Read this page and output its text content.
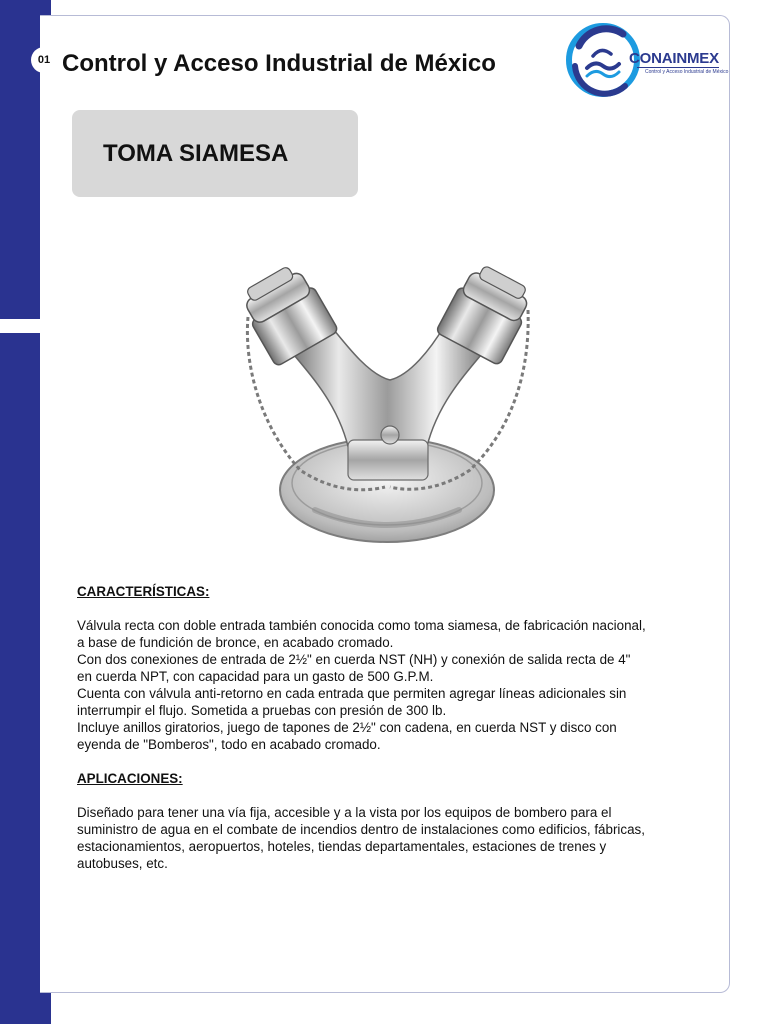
01 Control y Acceso Industrial de México	CONAINMEX
Control y Acceso Industrial de México
TOMA SIAMESA

CARACTERÍSTICAS:

Válvula recta con doble entrada también conocida como toma siamesa, de fabricación nacional,

a base de fundición de bronce, en acabado cromado.

Con dos conexiones de entrada de 2½" en cuerda NST (NH) y conexión de salida recta de 4"

en cuerda NPT, con capacidad para un gasto de 500 G.P.M.

Cuenta con válvula anti-retorno en cada entrada que permiten agregar líneas adicionales sin

interrumpir el flujo. Sometida a pruebas con presión de 300 lb.

Incluye anillos giratorios, juego de tapones de 2½" con cadena, en cuerda NST y disco con

eyenda de "Bomberos", todo en acabado cromado.

APLICACIONES:

Diseñado para tener una vía fija, accesible y a la vista por los equipos de bombero para el

suministro de agua en el combate de incendios dentro de instalaciones como edificios, fábricas,

estacionamientos, aeropuertos, hoteles, tiendas departamentales, estaciones de trenes y

autobuses, etc.
